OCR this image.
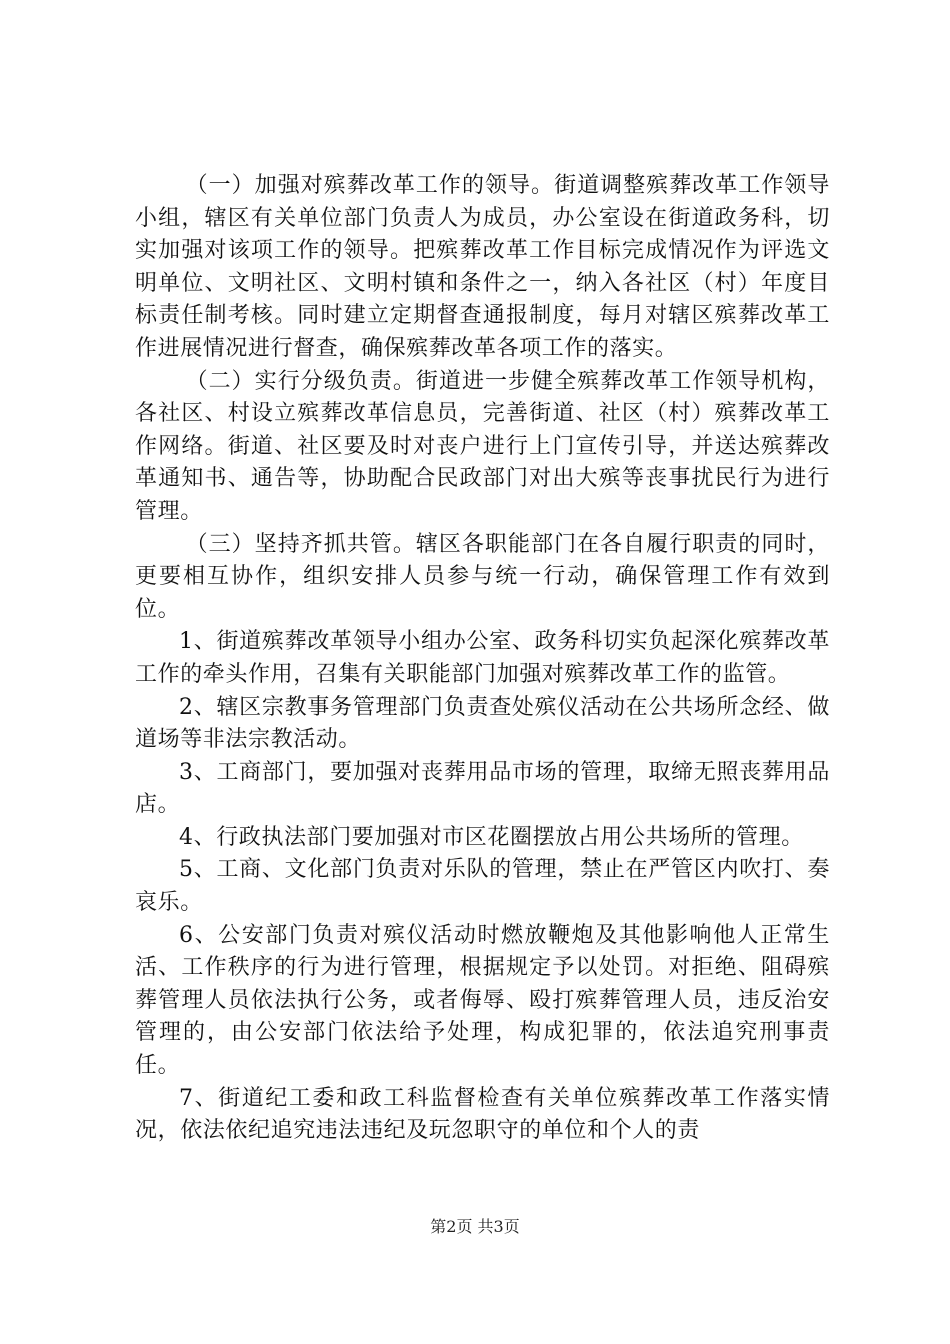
（一）加强对殡葬改革工作的领导。街道调整殡葬改革工作领导小组，辖区有关单位部门负责人为成员，办公室设在街道政务科，切实加强对该项工作的领导。把殡葬改革工作目标完成情况作为评选文明单位、文明社区、文明村镇和条件之一，纳入各社区（村）年度目标责任制考核。同时建立定期督查通报制度，每月对辖区殡葬改革工作进展情况进行督查，确保殡葬改革各项工作的落实。

（二）实行分级负责。街道进一步健全殡葬改革工作领导机构，各社区、村设立殡葬改革信息员，完善街道、社区（村）殡葬改革工作网络。街道、社区要及时对丧户进行上门宣传引导，并送达殡葬改革通知书、通告等，协助配合民政部门对出大殡等丧事扰民行为进行管理。

（三）坚持齐抓共管。辖区各职能部门在各自履行职责的同时，更要相互协作，组织安排人员参与统一行动，确保管理工作有效到位。

1、街道殡葬改革领导小组办公室、政务科切实负起深化殡葬改革工作的牵头作用，召集有关职能部门加强对殡葬改革工作的监管。

2、辖区宗教事务管理部门负责查处殡仪活动在公共场所念经、做道场等非法宗教活动。

3、工商部门，要加强对丧葬用品市场的管理，取缔无照丧葬用品店。

4、行政执法部门要加强对市区花圈摆放占用公共场所的管理。

5、工商、文化部门负责对乐队的管理，禁止在严管区内吹打、奏哀乐。

6、公安部门负责对殡仪活动时燃放鞭炮及其他影响他人正常生活、工作秩序的行为进行管理，根据规定予以处罚。对拒绝、阻碍殡葬管理人员依法执行公务，或者侮辱、殴打殡葬管理人员，违反治安管理的，由公安部门依法给予处理，构成犯罪的，依法追究刑事责任。

7、街道纪工委和政工科监督检查有关单位殡葬改革工作落实情况，依法依纪追究违法违纪及玩忽职守的单位和个人的责

第2页 共3页
